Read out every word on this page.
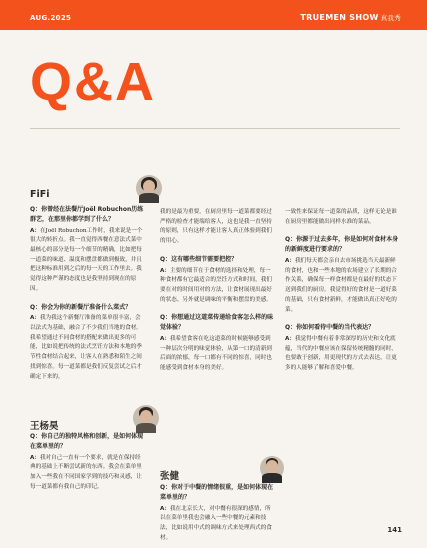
AUG.2025	TRUEMEN SHOW 真我秀
Q&A
FiFi
王杨昊
张健

Q：你曾经在法餐厅Joël Robuchon历练群艺，在那里你都学到了什么？

A：在Joël Robuchon工作时，我来说是一个很大的转折点。我一直觉得西餐在意法式菜中最核心的部分是每一个细节的精确，比如把每一道菜的味道、温度和摆盘都做到极致，并且把这种标准用到之后的每一天的工作里去。我觉得这种严谨的态度也是我坚持到现在的原因。

Q：你会为你的新餐厅准备什么菜式？

A：我为我这个新餐厅准备的菜单很丰富，会以法式为基础，融合了不少我们当地的食材。我希望通过不同食材的搭配来做出更多的可能，比如说把传统的法式烹饪方法和本地的季节性食材结合起来，让客人在熟悉和陌生之间找到惊喜。每一道菜都是我们反复尝试之后才确定下来的。

Q：你自己的独特风格和创新，是如何体现在菜单里的？

A：我对自己一直有一个要求，就是在保持经典的基础上不断尝试新的东西。我会在菜单里加入一些我在不同国家学到的技巧和灵感，让每一道菜都有我自己的印记。

我的是最为重要，在厨房里每一道菜都要经过严格的检查才能端给客人，这也是我一直坚持的原则，只有这样才能让客人真正体验到我们的用心。

Q：这有哪些细节需要把控？

A：主要的细节在于食材的选择和处理，每一种食材都有它最适合的烹饪方式和时间，我们要在对的时间用对的方法，让食材展现出最好的状态。另外就是调味的平衡和摆盘的美感。

Q：你想通过这道菜传递给食客怎么样的味觉体验？

A：我希望食客在吃这道菜的时候能够感受到一种层次分明的味觉体验，从第一口的清新到后面的浓郁，每一口都有不同的惊喜，同时也能感受到食材本身的美好。

Q：你对于中餐的情绪很重，是如何体现在菜单里的？

A：我在北京长大，对中餐有很深的感情，所以在菜单里我也会融入一些中餐的元素和技法，比如说用中式的调味方式来处理西式的食材。

一致性来保证每一道菜的品质，这样无论是谁在厨房里都能做出同样水准的菜品。

Q：你源于过去多年，你是如何对食材本身的新鲜度进行要求的？

A：我们每天都会亲自去市场挑选当天最新鲜的食材，也和一些本地的农场建立了长期的合作关系，确保每一样食材都是在最好的状态下送到我们的厨房。我觉得好的食材是一道好菜的基础，只有食材新鲜，才能做出真正好吃的菜。

Q：你如何看待中餐的当代表达？

A：我觉得中餐有着非常深厚的历史和文化底蕴，当代的中餐应该在保留传统精髓的同时，也要敢于创新，用更现代的方式去表达，让更多的人能够了解和喜爱中餐。

141
